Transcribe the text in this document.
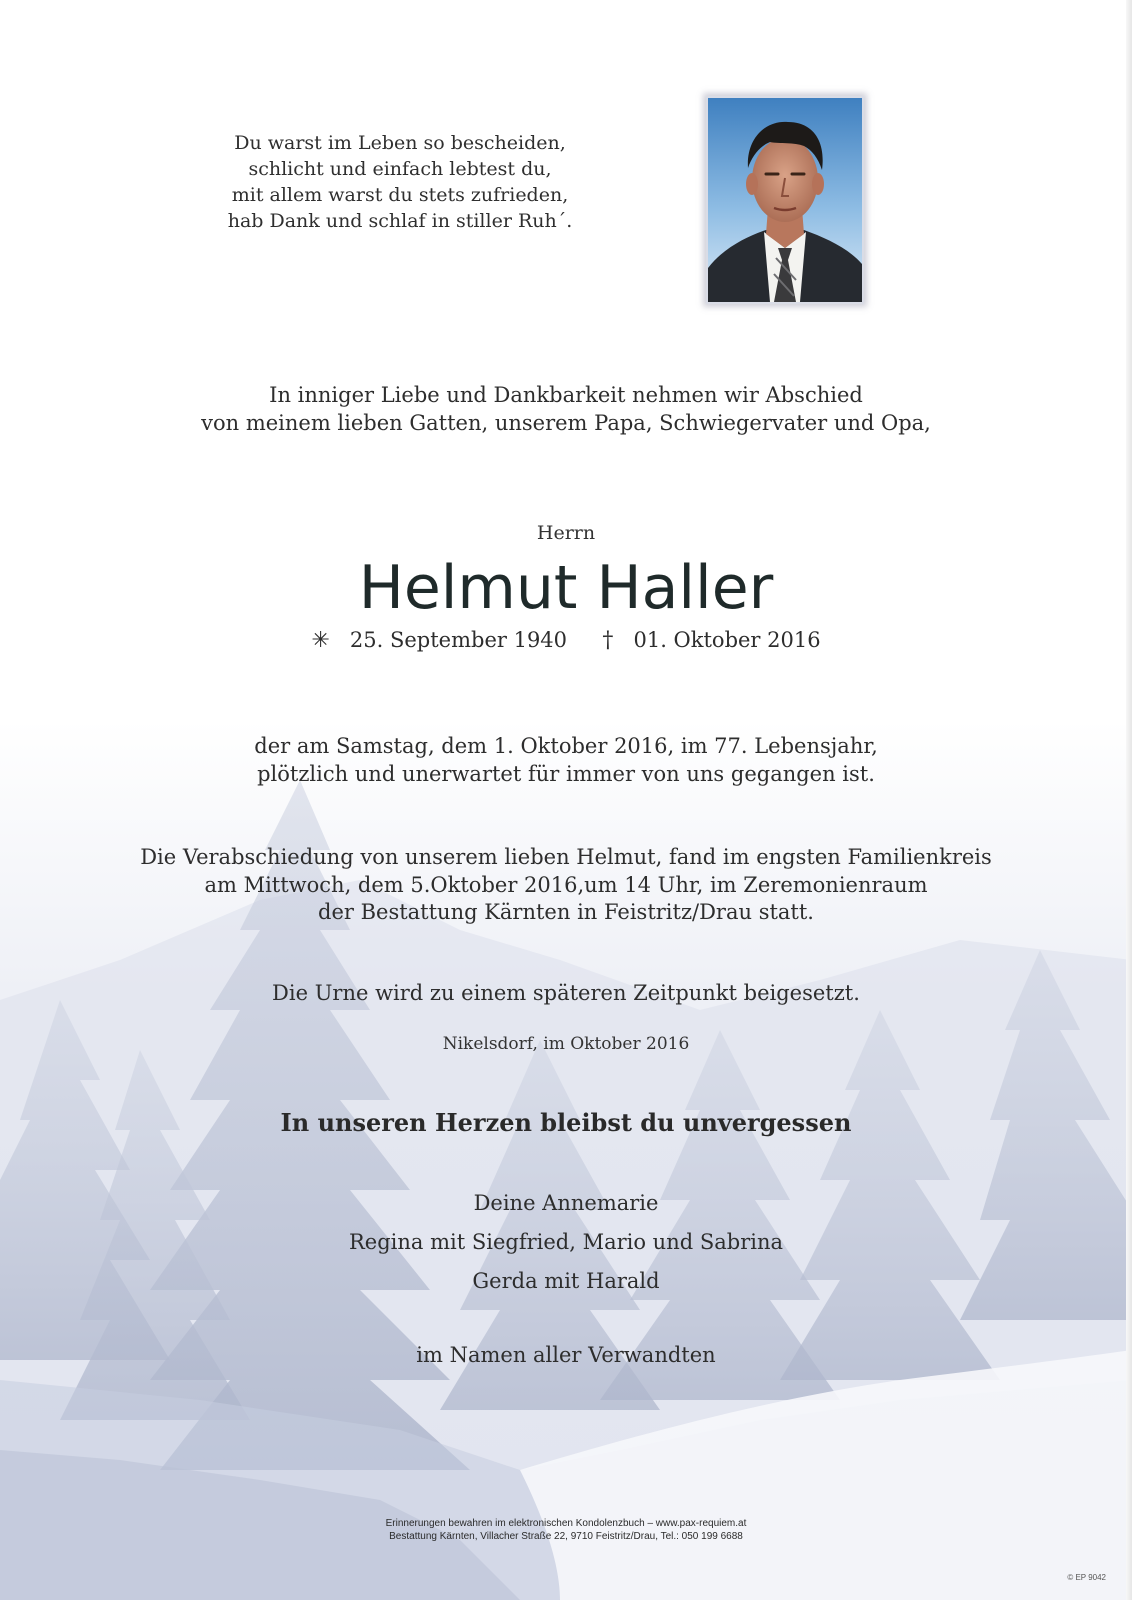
Du warst im Leben so bescheiden,
schlicht und einfach lebtest du,
mit allem warst du stets zufrieden,
hab Dank und schlaf in stiller Ruh´.
In inniger Liebe und Dankbarkeit nehmen wir Abschied
von meinem lieben Gatten, unserem Papa, Schwiegervater und Opa,
Herrn
Helmut Haller
✳ 25. September 1940 † 01. Oktober 2016
der am Samstag, dem 1. Oktober 2016, im 77. Lebensjahr,
plötzlich und unerwartet für immer von uns gegangen ist.
Die Verabschiedung von unserem lieben Helmut, fand im engsten Familienkreis
am Mittwoch, dem 5.Oktober 2016,um 14 Uhr, im Zeremonienraum
der Bestattung Kärnten in Feistritz/Drau statt.
Die Urne wird zu einem späteren Zeitpunkt beigesetzt.
Nikelsdorf, im Oktober 2016
In unseren Herzen bleibst du unvergessen
Deine Annemarie
Regina mit Siegfried, Mario und Sabrina
Gerda mit Harald
im Namen aller Verwandten
Erinnerungen bewahren im elektronischen Kondolenzbuch – www.pax-requiem.at
Bestattung Kärnten, Villacher Straße 22, 9710 Feistritz/Drau, Tel.: 050 199 6688
© EP 9042
